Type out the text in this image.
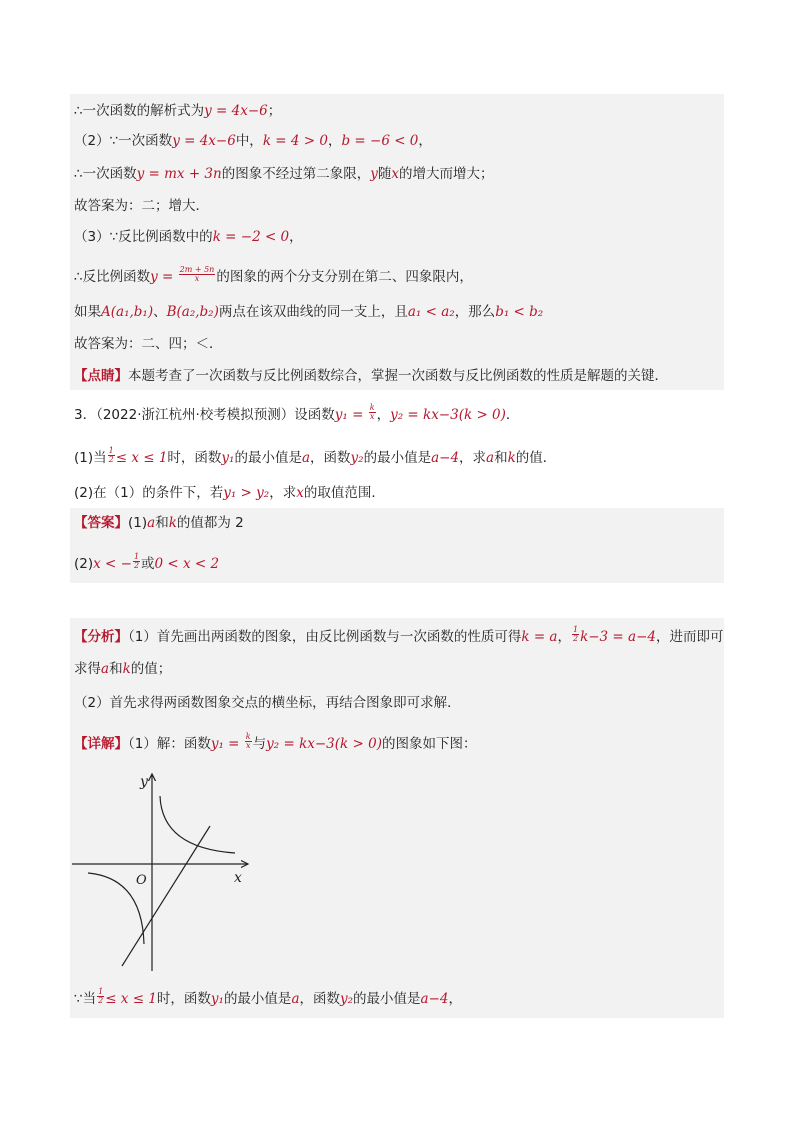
∴一次函数的解析式为y = 4x−6；
（2）∵一次函数y = 4x−6中，k = 4 > 0，b = −6 < 0，
∴一次函数y = mx + 3n的图象不经过第二象限，y随x的增大而增大；
故答案为：二；增大．
（3）∵反比例函数中的k = −2 < 0，
∴反比例函数$y = \frac{2m + 5n}{x}$ 的图象的两个分支分别在第二、四象限内，
如果A(a₁,b₁)、B(a₂,b₂)两点在该双曲线的同一支上，且a₁ < a₂，那么b₁ < b₂
故答案为：二、四；＜．
【点睛】本题考查了一次函数与反比例函数综合，掌握一次函数与反比例函数的性质是解题的关键．
3．（2022·浙江杭州·校考模拟预测）设函数$y_1 = \frac{k}{x}$ ，y₂ = kx−3(k > 0)．
(1)当 $\frac{1}{2} \le x \le 1$时，函数y₁的最小值是a，函数y₂的最小值是a−4，求a和k的值．
(2)在（1）的条件下，若y₁ > y₂，求x的取值范围．
【答案】(1)a和k的值都为 2
(2)x < − $\frac{1}{2}$ 或0 < x < 2
【分析】（1）首先画出两函数的图象，由反比例函数与一次函数的性质可得k = a， $\frac{1}{2} k-3 = a-4$，进而即可
求得a和k的值；
（2）首先求得两函数图象交点的横坐标，再结合图象即可求解．
【详解】（1）解：函数$y_1 = \frac{k}{x}$ 与y₂ = kx−3(k > 0)的图象如下图：
∵当 $\frac{1}{2} \le x \le 1$时，函数y₁的最小值是a，函数y₂的最小值是a−4，
y
x
O
